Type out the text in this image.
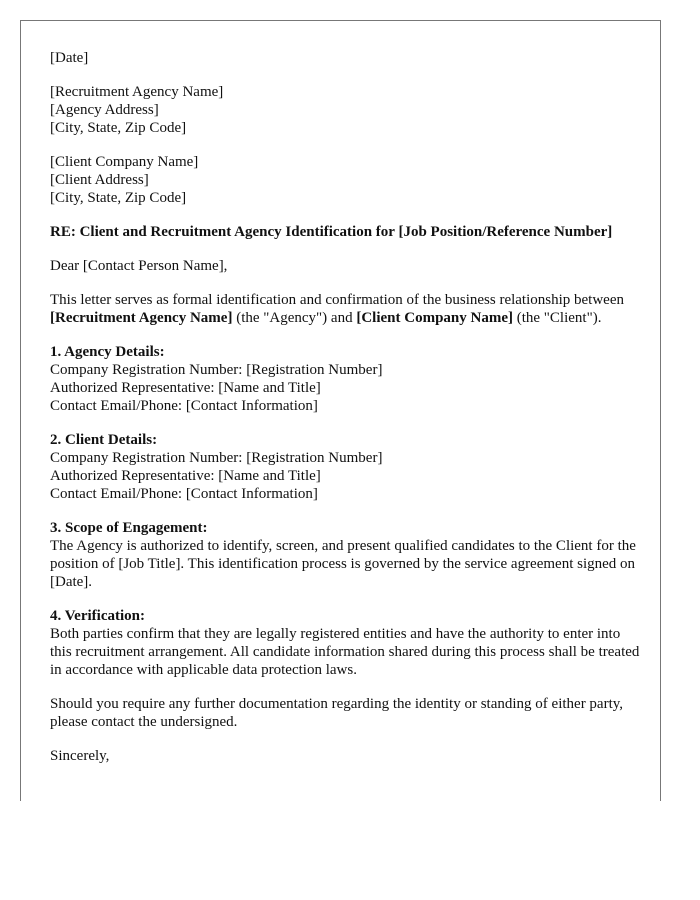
[Date]
[Recruitment Agency Name]
[Agency Address]
[City, State, Zip Code]
[Client Company Name]
[Client Address]
[City, State, Zip Code]
RE: Client and Recruitment Agency Identification for [Job Position/Reference Number]
Dear [Contact Person Name],
This letter serves as formal identification and confirmation of the business relationship between [Recruitment Agency Name] (the "Agency") and [Client Company Name] (the "Client").
1. Agency Details:
Company Registration Number: [Registration Number]
Authorized Representative: [Name and Title]
Contact Email/Phone: [Contact Information]
2. Client Details:
Company Registration Number: [Registration Number]
Authorized Representative: [Name and Title]
Contact Email/Phone: [Contact Information]
3. Scope of Engagement:
The Agency is authorized to identify, screen, and present qualified candidates to the Client for the position of [Job Title]. This identification process is governed by the service agreement signed on [Date].
4. Verification:
Both parties confirm that they are legally registered entities and have the authority to enter into this recruitment arrangement. All candidate information shared during this process shall be treated in accordance with applicable data protection laws.
Should you require any further documentation regarding the identity or standing of either party, please contact the undersigned.
Sincerely,
